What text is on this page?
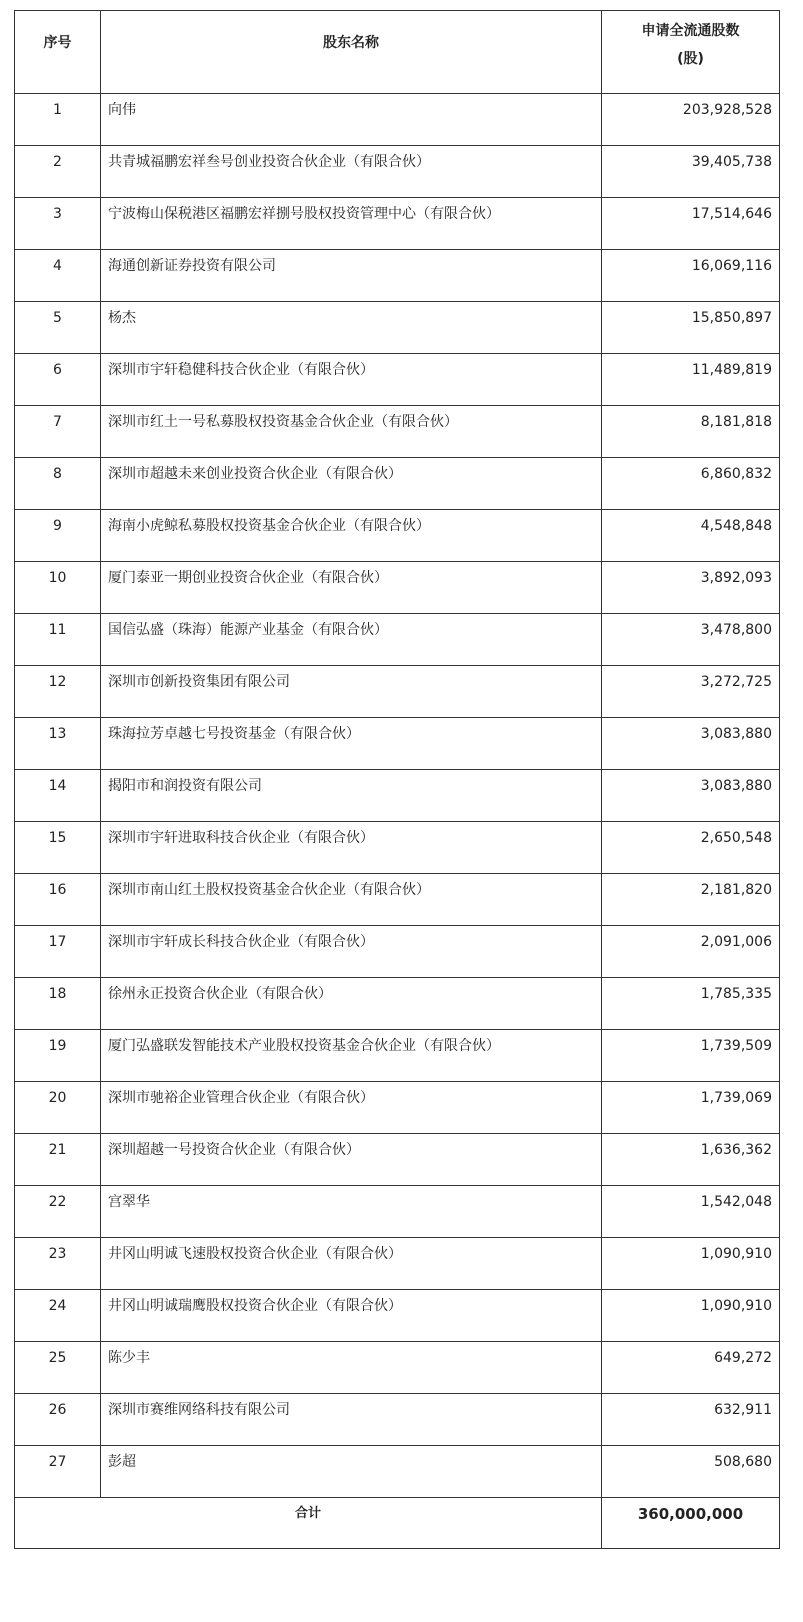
序号	股东名称	申请全流通股数
(股)

1	向伟	203,928,528
2	共青城福鹏宏祥叁号创业投资合伙企业（有限合伙）	39,405,738
3	宁波梅山保税港区福鹏宏祥捌号股权投资管理中心（有限合伙）	17,514,646
4	海通创新证券投资有限公司	16,069,116
5	杨杰	15,850,897
6	深圳市宇轩稳健科技合伙企业（有限合伙）	11,489,819
7	深圳市红土一号私募股权投资基金合伙企业（有限合伙）	8,181,818
8	深圳市超越未来创业投资合伙企业（有限合伙）	6,860,832
9	海南小虎鲸私募股权投资基金合伙企业（有限合伙）	4,548,848
10	厦门泰亚一期创业投资合伙企业（有限合伙）	3,892,093
11	国信弘盛（珠海）能源产业基金（有限合伙）	3,478,800
12	深圳市创新投资集团有限公司	3,272,725
13	珠海拉芳卓越七号投资基金（有限合伙）	3,083,880
14	揭阳市和润投资有限公司	3,083,880
15	深圳市宇轩进取科技合伙企业（有限合伙）	2,650,548
16	深圳市南山红土股权投资基金合伙企业（有限合伙）	2,181,820
17	深圳市宇轩成长科技合伙企业（有限合伙）	2,091,006
18	徐州永正投资合伙企业（有限合伙）	1,785,335
19	厦门弘盛联发智能技术产业股权投资基金合伙企业（有限合伙）	1,739,509
20	深圳市驰裕企业管理合伙企业（有限合伙）	1,739,069
21	深圳超越一号投资合伙企业（有限合伙）	1,636,362
22	宫翠华	1,542,048
23	井冈山明诚飞速股权投资合伙企业（有限合伙）	1,090,910
24	井冈山明诚瑞鹰股权投资合伙企业（有限合伙）	1,090,910
25	陈少丰	649,272
26	深圳市赛维网络科技有限公司	632,911
27	彭超	508,680
合计		360,000,000
